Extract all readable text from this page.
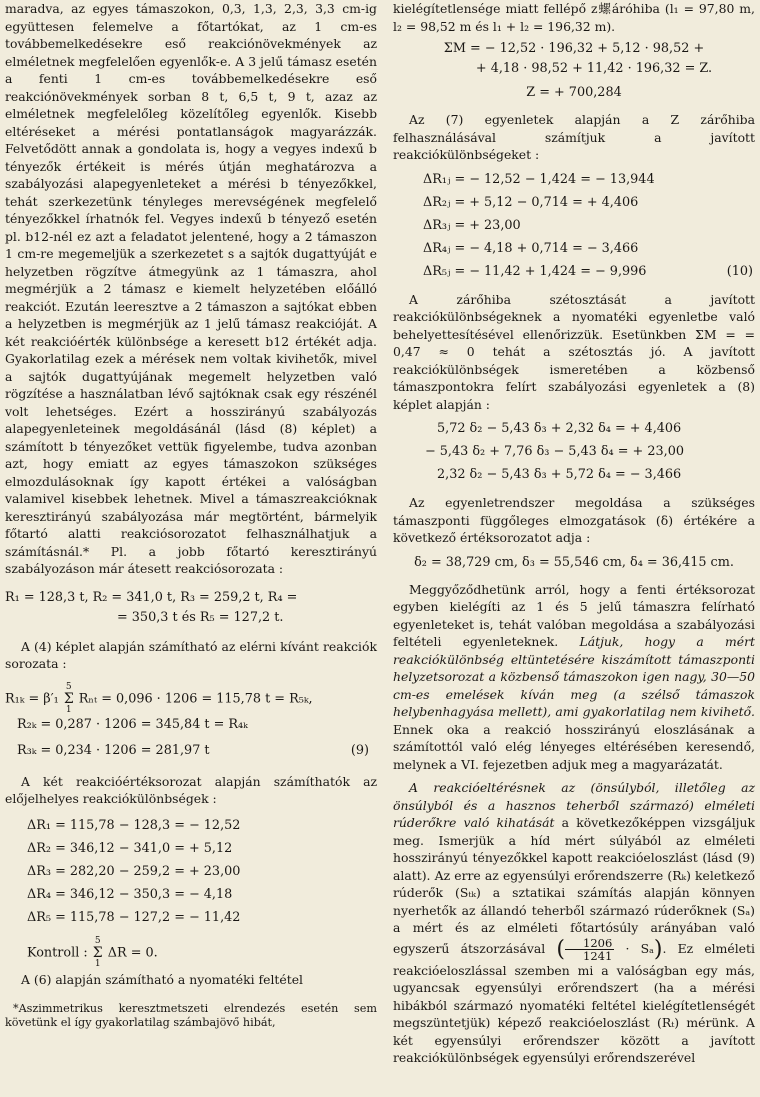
maradva, az egyes támaszokon, 0,3, 1,3, 2,3, 3,3 cm-ig együttesen felemelve a főtartókat, az 1 cm-es továbbemelkedésekre eső reakciónövekmények az elméletnek megfelelően egyenlők-e. A 3 jelű támasz esetén a fenti 1 cm-es továbbemelkedésekre eső reakciónövekmények sorban 8 t, 6,5 t, 9 t, azaz az elméletnek megfelelőleg közelítőleg egyenlők. Kisebb eltéréseket a mérési pontatlanságok magyarázzák. Felvetődött annak a gondolata is, hogy a vegyes indexű b tényezők értékeit is mérés útján meghatározva a szabályozási alapegyenleteket a mérési b tényezőkkel, tehát szerkezetünk tényleges merevségének megfelelő tényezőkkel írhatnók fel. Vegyes indexű b tényező esetén pl. b12-nél ez azt a feladatot jelentené, hogy a 2 támaszon 1 cm-re megemeljük a szerkezetet s a sajtók dugattyúját e helyzetben rögzítve átmegyünk az 1 támaszra, ahol megmérjük a 2 támasz e kiemelt helyzetében előálló reakciót. Ezután leeresztve a 2 támaszon a sajtókat ebben a helyzetben is megmérjük az 1 jelű támasz reakcióját. A két reakcióérték különbsége a keresett b12 értékét adja. Gyakorlatilag ezek a mérések nem voltak kivihetők, mivel a sajtók dugattyújának megemelt helyzetben való rögzítése a használatban lévő sajtóknak csak egy részénél volt lehetséges. Ezért a hosszirányú szabályozás alapegyenleteinek megoldásánál (lásd (8) képlet) a számított b tényezőket vettük figyelembe, tudva azonban azt, hogy emiatt az egyes támaszokon szükséges elmozdulásoknak így kapott értékei a valóságban valamivel kisebbek lehetnek. Mivel a támaszreakcióknak keresztirányú szabályozása már megtörtént, bármelyik főtartó alatti reakciósorozatot felhasználhatjuk a számításnál.* Pl. a jobb főtartó keresztirányú szabályozáson már átesett reakciósorozata :

R₁ = 128,3 t, R₂ = 341,0 t, R₃ = 259,2 t, R₄ =
= 350,3 t és R₅ = 127,2 t.

A (4) képlet alapján számítható az elérni kívánt reakciók sorozata :

R₁ₖ = β′₁ 5
Σ
1 Rₙₜ = 0,096 · 1206 = 115,78 t = R₅ₖ,
R₂ₖ = 0,287 · 1206 = 345,84 t = R₄ₖ
R₃ₖ = 0,234 · 1206 = 281,97 t	(9)

A két reakcióértéksorozat alapján számíthatók az előjelhelyes reakciókülönbségek :

ΔR₁ = 115,78 − 128,3 = − 12,52
ΔR₂ = 346,12 − 341,0 = + 5,12
ΔR₃ = 282,20 − 259,2 = + 23,00
ΔR₄ = 346,12 − 350,3 = − 4,18
ΔR₅ = 115,78 − 127,2 = − 11,42
Kontroll : 5
Σ
1 ΔR = 0.

A (6) alapján számítható a nyomatéki feltétel

*Aszimmetrikus keresztmetszeti elrendezés esetén sem követünk el így gyakorlatilag számbajövő hibát,

kielégítetlensége miatt fellépő z螺áróhiba (l₁ = 97,80 m, l₂ = 98,52 m és l₁ + l₂ = 196,32 m).

ΣM = − 12,52 · 196,32 + 5,12 · 98,52 +
+ 4,18 · 98,52 + 11,42 · 196,32 = Z.
Z = + 700,284

Az (7) egyenletek alapján a Z zárőhiba felhasználásával számítjuk a javított reakciókülönbségeket :

ΔR₁ⱼ = − 12,52 − 1,424 = − 13,944
ΔR₂ⱼ = + 5,12 − 0,714 = + 4,406
ΔR₃ⱼ = + 23,00
ΔR₄ⱼ = − 4,18 + 0,714 = − 3,466
ΔR₅ⱼ = − 11,42 + 1,424 = − 9,996	(10)

A zárőhiba szétosztását a javított reakciókülönbségeknek a nyomatéki egyenletbe való behelyettesítésével ellenőrizzük. Esetünkben ΣM = = 0,47 ≈ 0 tehát a szétosztás jó. A javított reakciókülönbségek ismeretében a közbenső támaszpontokra felírt szabályozási egyenletek a (8) képlet alapján :

5,72 δ₂ − 5,43 δ₃ + 2,32 δ₄ = + 4,406
− 5,43 δ₂ + 7,76 δ₃ − 5,43 δ₄ = + 23,00
2,32 δ₂ − 5,43 δ₃ + 5,72 δ₄ = − 3,466

Az egyenletrendszer megoldása a szükséges támaszponti függőleges elmozgatások (δ) értékére a következő értéksorozatot adja :

δ₂ = 38,729 cm, δ₃ = 55,546 cm, δ₄ = 36,415 cm.

Meggyőződhetünk arról, hogy a fenti értéksorozat egyben kielégíti az 1 és 5 jelű támaszra felírható egyenleteket is, tehát valóban megoldása a szabályozási feltételi egyenleteknek. Látjuk, hogy a mért reakciókülönbség eltüntetésére kiszámított támaszponti helyzetsorozat a közbenső támaszokon igen nagy, 30—50 cm-es emelések kíván meg (a szélső támaszok helybenhagyása mellett), ami gyakorlatilag nem kivihető. Ennek oka a reakció hosszirányú eloszlásának a számítottól való elég lényeges eltérésében keresendő, melynek a VI. fejezetben adjuk meg a magyarázatát.

A reakcióeltérésnek az (önsúlyból, illetőleg az önsúlyból és a hasznos teherből származó) elméleti rúderőkre való kihatását a következőképpen vizsgáljuk meg. Ismerjük a híd mért súlyából az elméleti hosszirányú tényezőkkel kapott reakcióeloszlást (lásd (9) alatt). Az erre az egyensúlyi erőrendszerre (Rₖ) keletkező rúderők (Sₜₖ) a sztatikai számítás alapján könnyen nyerhetők az állandó teherből származó rúderőknek (Sₐ) a mért és az elméleti főtartósúly arányában való egyszerű átszorzásával ( $\frac{1206}{1241} \cdot S_a$). Ez elméleti reakcióeloszlással szemben mi a valóságban egy más, ugyancsak egyensúlyi erőrendszert (ha a mérési hibákból származó nyomatéki feltétel kielégítetlenségét megszüntetjük) képező reakcióeloszlást (Rₜ) mérünk. A két egyensúlyi erőrendszer között a javított reakciókülönbségek egyensúlyi erőrendszerével
